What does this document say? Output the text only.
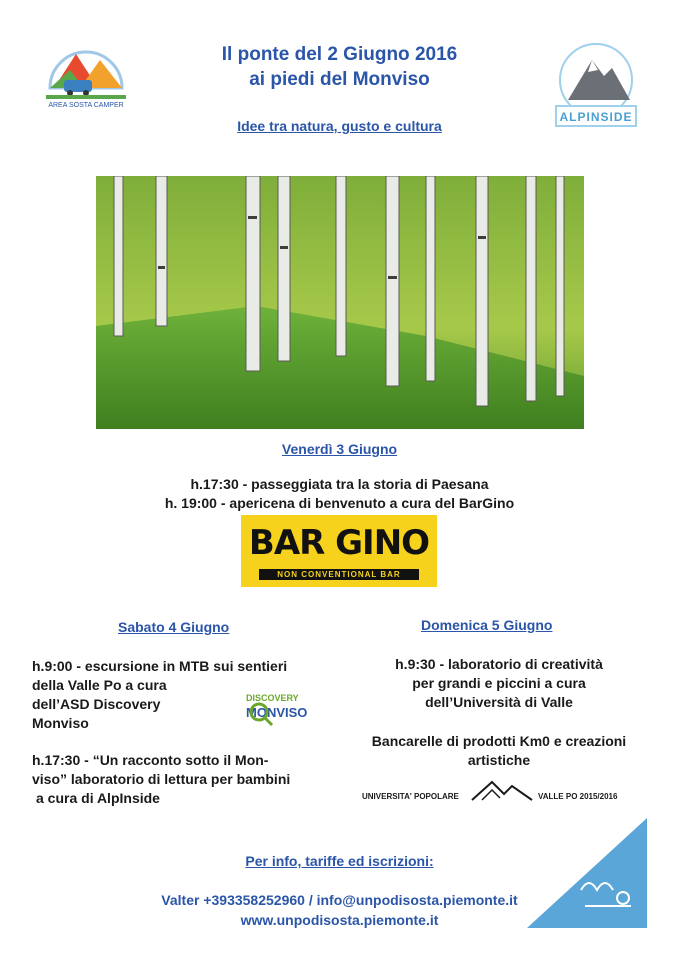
AREA SOSTA CAMPER
ALPINSIDE
Il ponte del 2 Giugno 2016
ai piedi del Monviso
Idee tra natura, gusto e cultura
Venerdì 3 Giugno
h.17:30 - passeggiata tra la storia di Paesana
h. 19:00 - apericena di benvenuto a cura del BarGino
BAR GINO
NON CONVENTIONAL BAR
Sabato 4 Giugno
h.9:00 - escursione in MTB sui sentieri
della Valle Po a cura
dell’ASD Discovery
Monviso
DISCOVERY
MONVISO
h.17:30 - “Un racconto sotto il Mon-
viso” laboratorio di lettura per bambini
a cura di AlpInside
Domenica 5 Giugno
h.9:30 - laboratorio di creatività
per grandi e piccini a cura
dell’Università di Valle
Bancarelle di prodotti Km0 e creazioni
artistiche
UNIVERSITA' POPOLARE	VALLE PO 2015/2016
Per info, tariffe ed iscrizioni:
Valter +393358252960 / info@unpodisosta.piemonte.it
www.unpodisosta.piemonte.it
